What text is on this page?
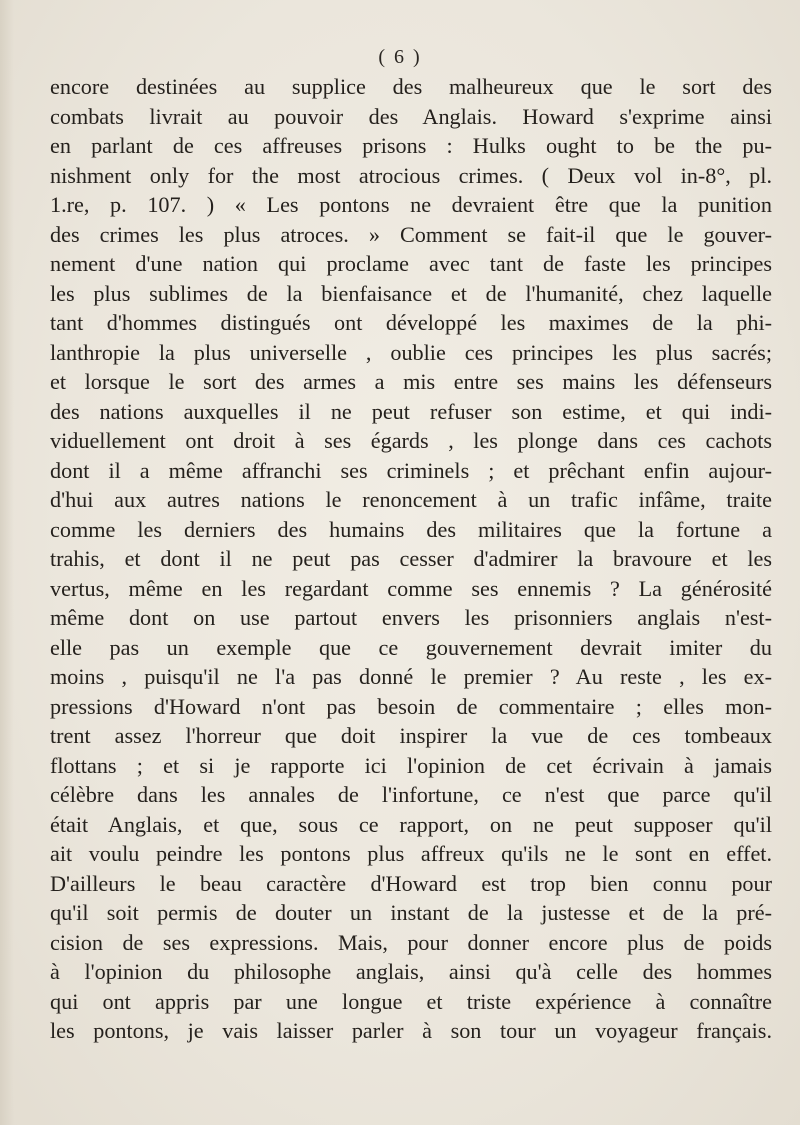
( 6 )
encore destinées au supplice des malheureux que le sort des
combats livrait au pouvoir des Anglais. Howard s'exprime ainsi
en parlant de ces affreuses prisons : Hulks ought to be the pu-
nishment only for the most atrocious crimes. ( Deux vol in-8°, pl.
1.re, p. 107. ) « Les pontons ne devraient être que la punition
des crimes les plus atroces. » Comment se fait-il que le gouver-
nement d'une nation qui proclame avec tant de faste les principes
les plus sublimes de la bienfaisance et de l'humanité, chez laquelle
tant d'hommes distingués ont développé les maximes de la phi-
lanthropie la plus universelle , oublie ces principes les plus sacrés;
et lorsque le sort des armes a mis entre ses mains les défenseurs
des nations auxquelles il ne peut refuser son estime, et qui indi-
viduellement ont droit à ses égards , les plonge dans ces cachots
dont il a même affranchi ses criminels ; et prêchant enfin aujour-
d'hui aux autres nations le renoncement à un trafic infâme, traite
comme les derniers des humains des militaires que la fortune a
trahis, et dont il ne peut pas cesser d'admirer la bravoure et les
vertus, même en les regardant comme ses ennemis ? La générosité
même dont on use partout envers les prisonniers anglais n'est-
elle pas un exemple que ce gouvernement devrait imiter du
moins , puisqu'il ne l'a pas donné le premier ? Au reste , les ex-
pressions d'Howard n'ont pas besoin de commentaire ; elles mon-
trent assez l'horreur que doit inspirer la vue de ces tombeaux
flottans ; et si je rapporte ici l'opinion de cet écrivain à jamais
célèbre dans les annales de l'infortune, ce n'est que parce qu'il
était Anglais, et que, sous ce rapport, on ne peut supposer qu'il
ait voulu peindre les pontons plus affreux qu'ils ne le sont en effet.
D'ailleurs le beau caractère d'Howard est trop bien connu pour
qu'il soit permis de douter un instant de la justesse et de la pré-
cision de ses expressions. Mais, pour donner encore plus de poids
à l'opinion du philosophe anglais, ainsi qu'à celle des hommes
qui ont appris par une longue et triste expérience à connaître
les pontons, je vais laisser parler à son tour un voyageur français.
